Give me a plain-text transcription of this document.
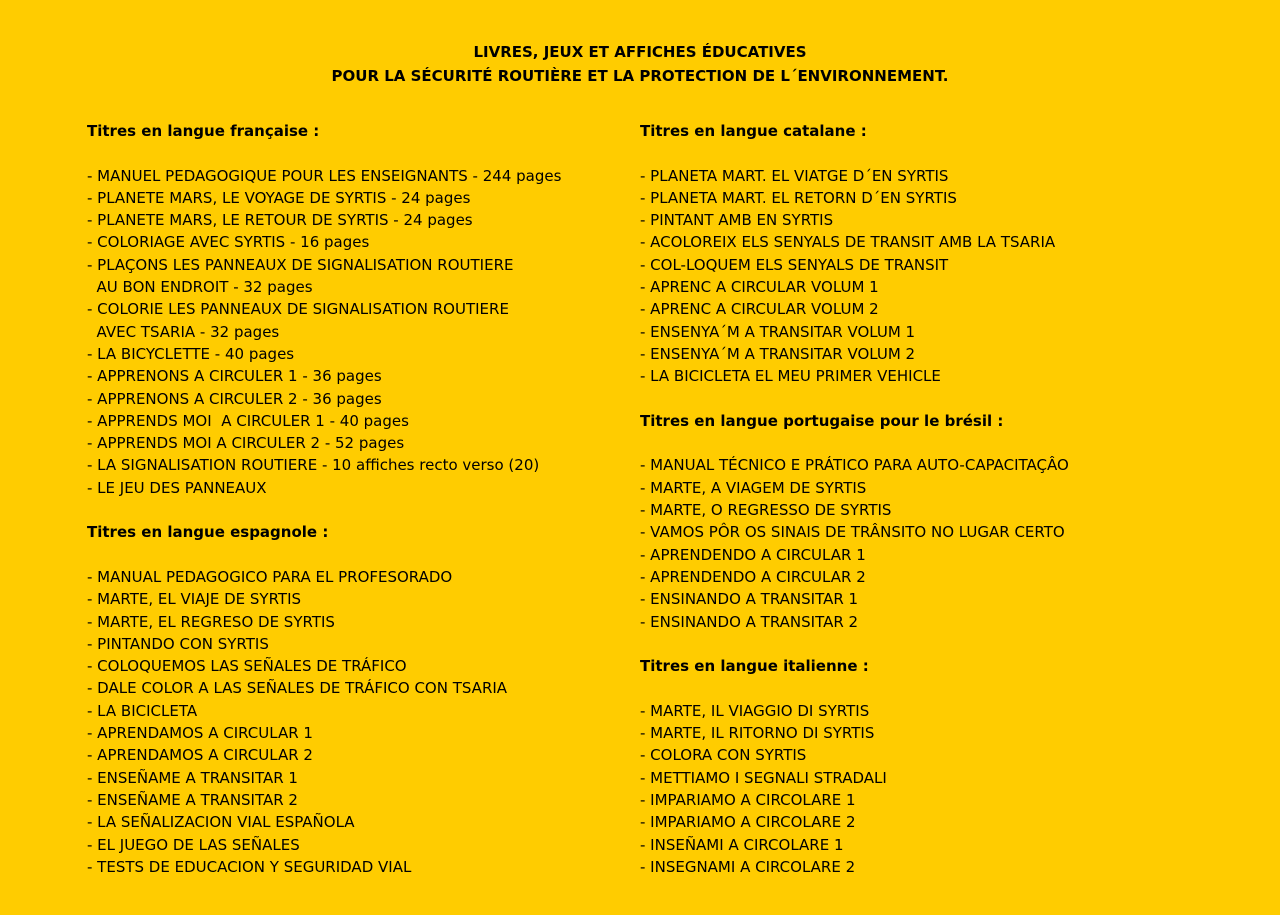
LIVRES, JEUX ET AFFICHES ÉDUCATIVES
POUR LA SÉCURITÉ ROUTIÈRE ET LA PROTECTION DE L´ENVIRONNEMENT.
Titres en langue française :
- MANUEL PEDAGOGIQUE POUR LES ENSEIGNANTS - 244 pages
- PLANETE MARS, LE VOYAGE DE SYRTIS - 24 pages
- PLANETE MARS, LE RETOUR DE SYRTIS - 24 pages
- COLORIAGE AVEC SYRTIS - 16 pages
- PLAÇONS LES PANNEAUX DE SIGNALISATION ROUTIERE
AU BON ENDROIT - 32 pages
- COLORIE LES PANNEAUX DE SIGNALISATION ROUTIERE
AVEC TSARIA - 32 pages
- LA BICYCLETTE - 40 pages
- APPRENONS A CIRCULER 1 - 36 pages
- APPRENONS A CIRCULER 2 - 36 pages
- APPRENDS MOI  A CIRCULER 1 - 40 pages
- APPRENDS MOI A CIRCULER 2 - 52 pages
- LA SIGNALISATION ROUTIERE - 10 affiches recto verso (20)
- LE JEU DES PANNEAUX
Titres en langue espagnole :
- MANUAL PEDAGOGICO PARA EL PROFESORADO
- MARTE, EL VIAJE DE SYRTIS
- MARTE, EL REGRESO DE SYRTIS
- PINTANDO CON SYRTIS
- COLOQUEMOS LAS SEÑALES DE TRÁFICO
- DALE COLOR A LAS SEÑALES DE TRÁFICO CON TSARIA
- LA BICICLETA
- APRENDAMOS A CIRCULAR 1
- APRENDAMOS A CIRCULAR 2
- ENSEÑAME A TRANSITAR 1
- ENSEÑAME A TRANSITAR 2
- LA SEÑALIZACION VIAL ESPAÑOLA
- EL JUEGO DE LAS SEÑALES
- TESTS DE EDUCACION Y SEGURIDAD VIAL
Titres en langue catalane :
- PLANETA MART. EL VIATGE D´EN SYRTIS
- PLANETA MART. EL RETORN D´EN SYRTIS
- PINTANT AMB EN SYRTIS
- ACOLOREIX ELS SENYALS DE TRANSIT AMB LA TSARIA
- COL-LOQUEM ELS SENYALS DE TRANSIT
- APRENC A CIRCULAR VOLUM 1
- APRENC A CIRCULAR VOLUM 2
- ENSENYA´M A TRANSITAR VOLUM 1
- ENSENYA´M A TRANSITAR VOLUM 2
- LA BICICLETA EL MEU PRIMER VEHICLE
Titres en langue portugaise pour le brésil :
- MANUAL TÉCNICO E PRÁTICO PARA AUTO-CAPACITAÇÂO
- MARTE, A VIAGEM DE SYRTIS
- MARTE, O REGRESSO DE SYRTIS
- VAMOS PÔR OS SINAIS DE TRÂNSITO NO LUGAR CERTO
- APRENDENDO A CIRCULAR 1
- APRENDENDO A CIRCULAR 2
- ENSINANDO A TRANSITAR 1
- ENSINANDO A TRANSITAR 2
Titres en langue italienne :
- MARTE, IL VIAGGIO DI SYRTIS
- MARTE, IL RITORNO DI SYRTIS
- COLORA CON SYRTIS
- METTIAMO I SEGNALI STRADALI
- IMPARIAMO A CIRCOLARE 1
- IMPARIAMO A CIRCOLARE 2
- INSEÑAMI A CIRCOLARE 1
- INSEGNAMI A CIRCOLARE 2
